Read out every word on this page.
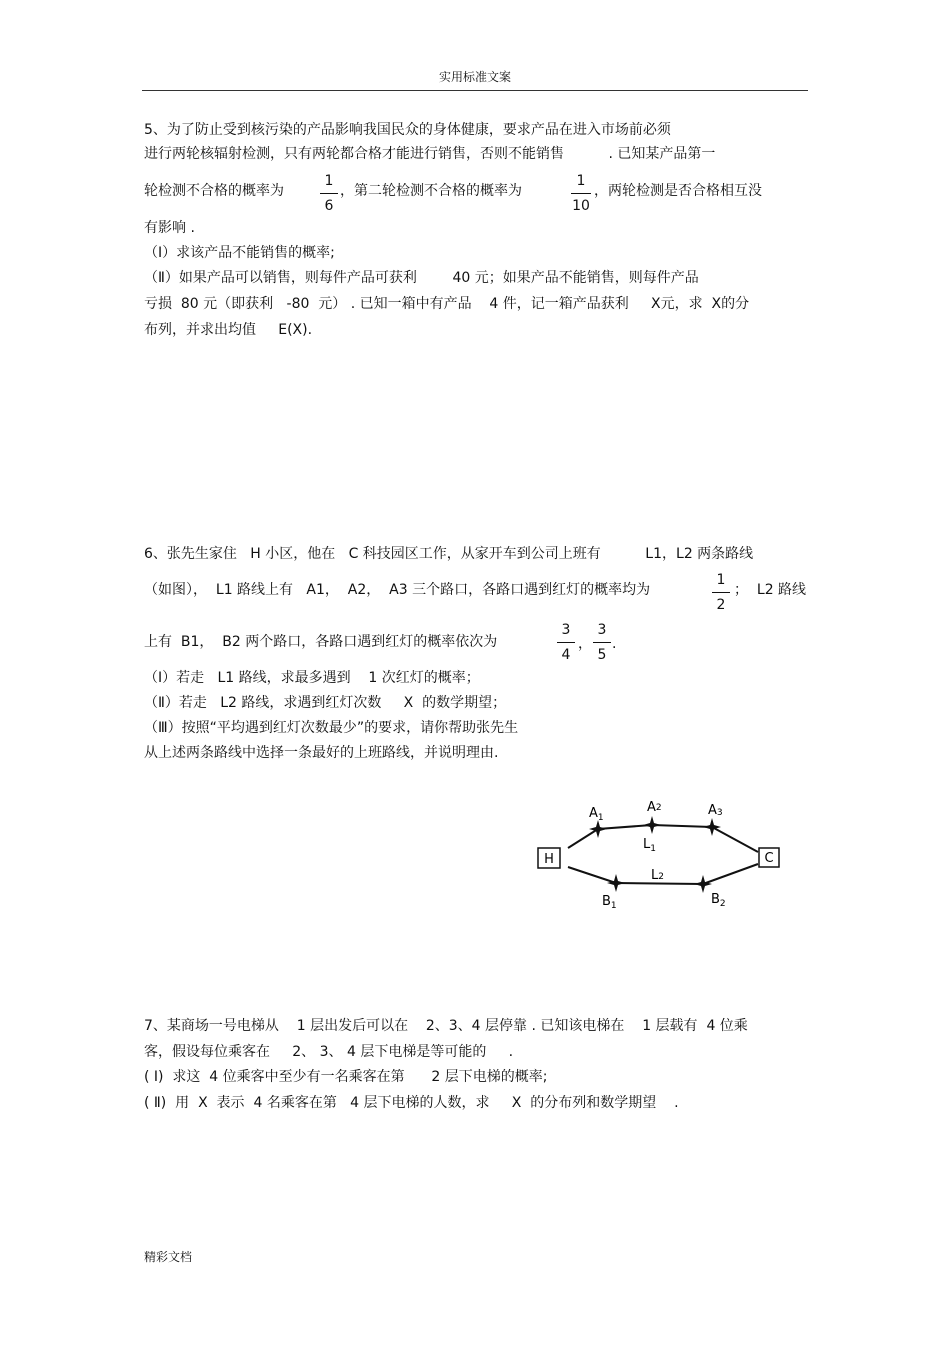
实用标准文案
5、为了防止受到核污染的产品影响我国民众的身体健康，要求产品在进入市场前必须
进行两轮核辐射检测，只有两轮都合格才能进行销售，否则不能销售          . 已知某产品第一
轮检测不合格的概率为
1
6
，第二轮检测不合格的概率为
1
10
，两轮检测是否合格相互没
有影响 .
（Ⅰ）求该产品不能销售的概率;
（Ⅱ）如果产品可以销售，则每件产品可获利        40 元；如果产品不能销售，则每件产品
亏损  80 元（即获利   -80  元） . 已知一箱中有产品    4 件，记一箱产品获利     X元，求  X的分
布列，并求出均值     E(X).
6、张先生家住   H 小区，他在   C 科技园区工作，从家开车到公司上班有          L1，L2 两条路线
（如图），  L1 路线上有   A1，  A2，  A3 三个路口，各路口遇到红灯的概率均为
1
2
；  L2 路线
上有  B1，  B2 两个路口，各路口遇到红灯的概率依次为
3
4
，
3
5
.
（Ⅰ）若走   L1 路线，求最多遇到    1 次红灯的概率；
（Ⅱ）若走   L2 路线，求遇到红灯次数     X  的数学期望；
（Ⅲ）按照“平均遇到红灯次数最少”的要求，请你帮助张先生
从上述两条路线中选择一条最好的上班路线，并说明理由.
H	C
$A_1$
A2	A3
$L_1$
L2
$B_1$	$B_2$
7、某商场一号电梯从    1 层出发后可以在    2、3、4 层停靠 . 已知该电梯在    1 层载有  4 位乘
客，假设每位乘客在     2、 3、 4 层下电梯是等可能的     .
( Ⅰ)  求这  4 位乘客中至少有一名乘客在第      2 层下电梯的概率;
( Ⅱ)  用  X  表示  4 名乘客在第   4 层下电梯的人数，求     X  的分布列和数学期望    .
精彩文档
